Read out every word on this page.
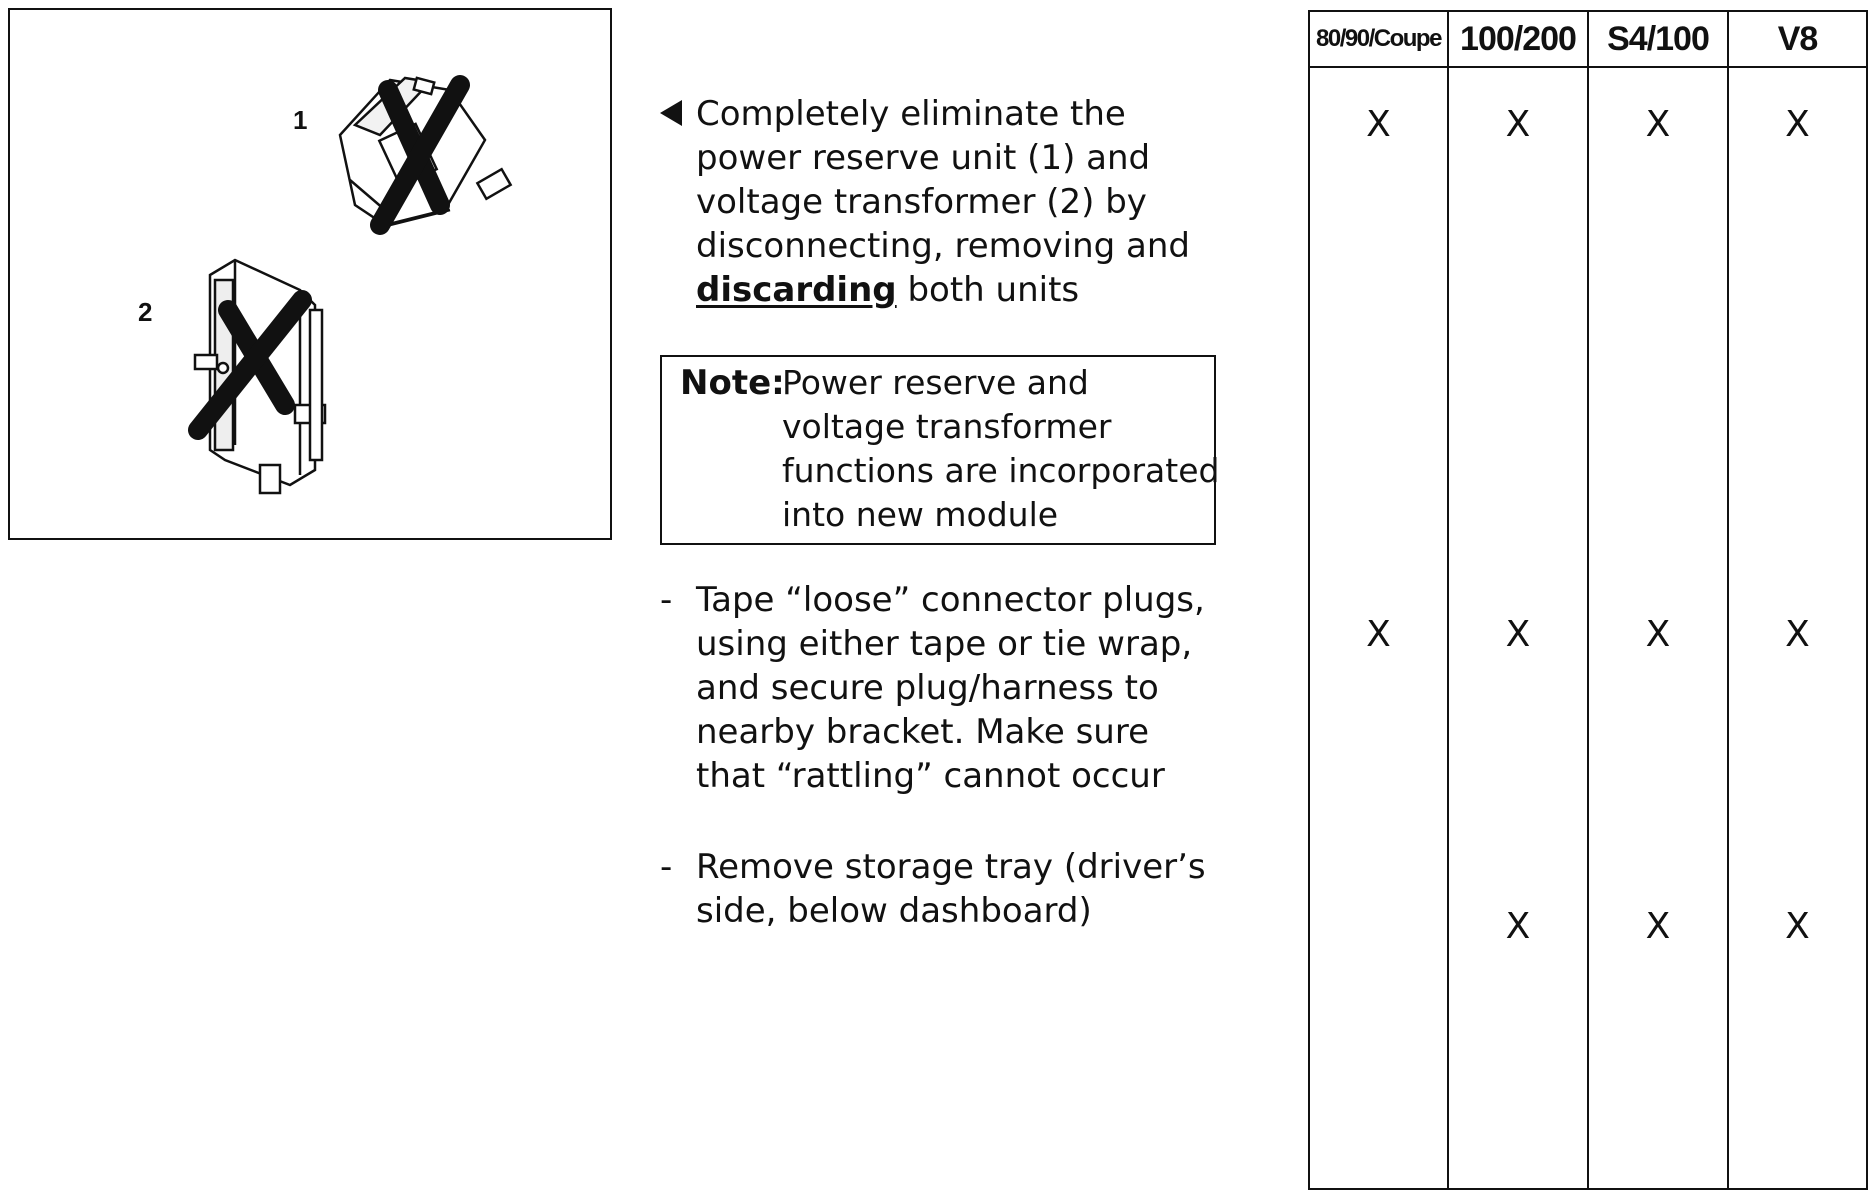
1
2
Completely eliminate the power reserve unit (1) and voltage transformer (2) by disconnecting, removing and discarding both units
Note:
Power reserve and voltage transformer functions are incorporated into new module
- Tape “loose” connector plugs, using either tape or tie wrap, and secure plug/harness to nearby bracket. Make sure that “rattling” cannot occur
- Remove storage tray (driver’s side, below dashboard)
80/90/Coupe	100/200	S4/100	V8
X	X	X	X
X	X	X	X
	X	X	X
